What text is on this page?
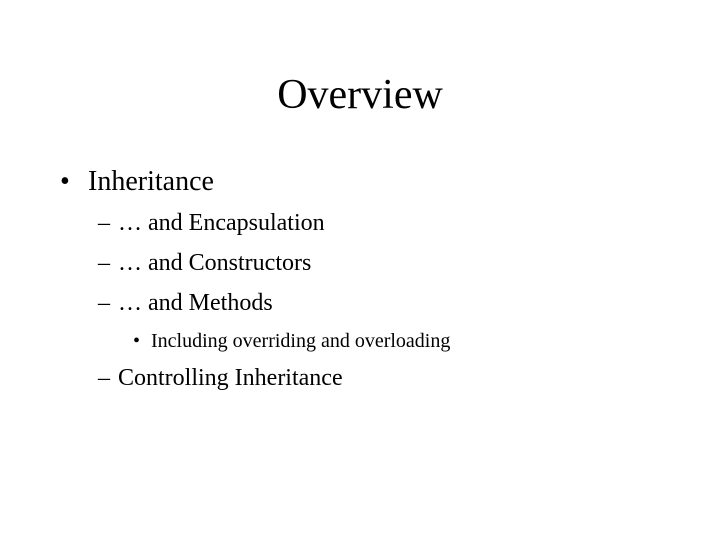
Overview
• Inheritance
– … and Encapsulation
– … and Constructors
– … and Methods
• Including overriding and overloading
– Controlling Inheritance
